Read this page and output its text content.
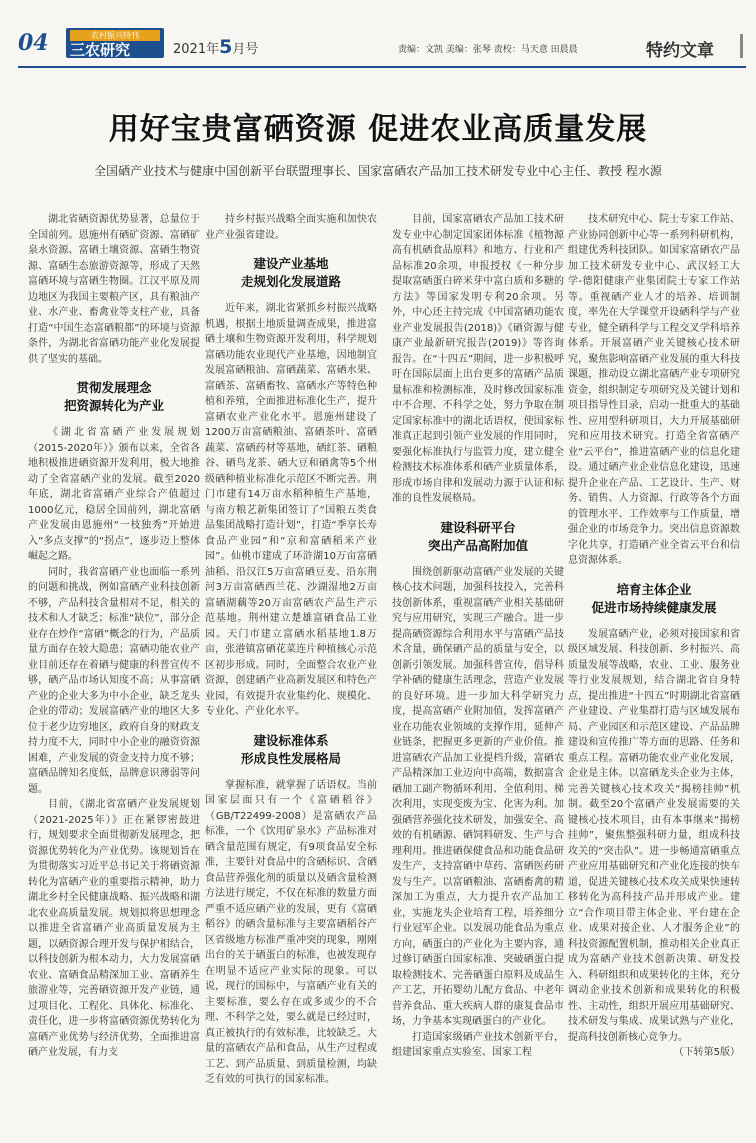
04	农村振兴特刊
三农研究	2021年5月号	责编：文凯 美编：张琴 责校：马天意 田晨晨	特约文章
用好宝贵富硒资源 促进农业高质量发展
全国硒产业技术与健康中国创新平台联盟理事长、国家富硒农产品加工技术研发专业中心主任、教授 程水源

湖北省硒资源优势显著，总量位于全国前列。恩施州有硒矿资源、富硒矿泉水资源、富硒土壤资源、富硒生物资源、富硒生态旅游资源等，形成了天然富硒环境与富硒生物圈。江汉平原及周边地区为我国主要粮产区，具有粮油产业、水产业、畜禽业等支柱产业，具备打造“中国生态富硒粮都”的环境与资源条件，为湖北省富硒功能产业化发展提供了坚实的基础。

贯彻发展理念
把资源转化为产业

《湖北省富硒产业发展规划（2015-2020年）》颁布以来，全省各地积极推进硒资源开发利用，极大地推动了全省富硒产业的发展。截至2020年底，湖北省富硒产业综合产值超过1000亿元，稳居全国前列，湖北富硒产业发展由恩施州“一枝独秀”开始进入“多点支撑”的“拐点”，逐步迈上整体崛起之路。

同时，我省富硒产业也面临一系列的问题和挑战，例如富硒产业科技创新不够，产品科技含量相对不足，相关的技术和人才缺乏；标准“缺位”，部分企业存在炒作“富硒”概念的行为，产品质量方面存在较大隐患；富硒功能农业产业目前还存在着硒与健康的科普宣传不够，硒产品市场认知度不高；从事富硒产业的企业大多为中小企业，缺乏龙头企业的带动；发展富硒产业的地区大多位于老少边穷地区，政府自身的财政支持力度不大，同时中小企业的融资资源困难，产业发展的资金支持力度不够；富硒品牌知名度低，品牌意识薄弱等问题。

目前，《湖北省富硒产业发展规划（2021-2025年）》正在紧锣密鼓进行，规划要求全面贯彻新发展理念，把资源优势转化为产业优势。该规划旨在为贯彻落实习近平总书记关于将硒资源转化为富硒产业的重要指示精神，助力湖北乡村全民健康战略、振兴战略和湖北农业高质量发展。规划拟将思想理念以推进全省富硒产业高质量发展为主题，以硒资源合理开发与保护相结合，以科技创新为根本动力，大力发展富硒农业、富硒食品精深加工业、富硒养生旅游业等，完善硒资源开发产业链，通过项目化、工程化、具体化、标准化、责任化，进一步将富硒资源优势转化为富硒产业优势与经济优势，全面推进富硒产业发展，有力支

持乡村振兴战略全面实施和加快农业产业强省建设。

建设产业基地
走规划化发展道路

近年来，湖北省紧抓乡村振兴战略机遇，根据土地质量调查成果，推进富硒土壤和生物资源开发利用，科学规划富硒功能农业现代产业基地，因地制宜发展富硒粮油、富硒蔬菜、富硒水果、富硒茶、富硒畜牧、富硒水产等特色种植和养殖，全面推进标准化生产，提升富硒农业产业化水平。恩施州建设了1200万亩富硒粮油、富硒茶叶、富硒蔬菜、富硒药材等基地，硒红茶、硒粮谷、硒鸟龙茶、硒大豆和硒禽等5个州级硒种植业标准化示范区不断完善。荆门市建有14万亩水稻种植生产基地，与南方粮艺新集团签订了“国粮五类食品集团战略打造计划”，打造“季享长寿食品产业园”和“京和富硒稻米产业园”。仙桃市建成了环浒湖10万亩富硒油稻、沿汉江5万亩富硒豆麦、沿东荆河3万亩富硒西兰花、沙湖湿地2万亩富硒湖藕等20万亩富硒农产品生产示范基地。荆州建立楚雄富硒食品工业园。天门市建立富硒水稻基地1.8万亩，张港镇富硒花菜连片种植核心示范区初步形成。同时，全面整合农业产业资源，创建硒产业高新发展区和特色产业园，有效提升农业集约化、规模化、专业化、产业化水平。

建设标准体系
形成良性发展格局

掌握标准，就掌握了话语权。当前国家层面只有一个《富硒稻谷》（GB/T22499-2008）是富硒农产品标准，一个《饮用矿泉水》产品标准对硒含量范围有规定，有9项食品安全标准，主要针对食品中的含硒标识、含硒食品营养强化剂的质量以及硒含量检测方法进行规定，不仅在标准的数量方面严重不适应硒产业的发展，更有《富硒稻谷》的硒含量标准与主要富硒稻谷产区省级地方标准严重冲突的现象，刚刚出台的关于硒蛋白的标准，也被发现存在明显不适应产业实际的现象。可以说，现行的国标中，与富硒产业有关的主要标准，要么存在或多或少的不合理、不科学之处，要么就是已经过时，真正被执行的有效标准，比较缺乏。大量的富硒农产品和食品，从生产过程或工艺、到产品质量、到质量检测，均缺乏有效的可执行的国家标准。

目前，国家富硒农产品加工技术研发专业中心制定国家团体标准《植物源高有机硒食品原料》和地方、行业和产品标准20余项，申报授权《一种分步提取富硒蛋白碎米芽中富白质和多糖的方法》等国家发明专利20余项。另外，中心还主持完成《中国富硒功能农业产业发展报告(2018)》《硒资源与健康产业最新研究报告(2019)》等咨询报告。在“十四五”期间，进一步积极呼吁在国际层面上出台更多的富硒产品质量标准和检测标准，及时修改国家标准中不合理、不科学之处，努力争取在制定国家标准中的湖北话语权，使国家标准真正起到引领产业发展的作用同时，要强化标准执行与监管力度，建立健全检测技术标准体系和硒产业质量体系，形成市场自律和发展动力源于认证和标准的良性发展格局。

建设科研平台
突出产品高附加值

围绕创新驱动富硒产业发展的关键核心技术问题，加强科技投入，完善科技创新体系，重视富硒产业相关基础研究与应用研究，实现三产融合。进一步提高硒资源综合利用水平与富硒产品技术含量，确保硒产品的质量与安全，以创新引领发展。加强科普宣传，倡导科学补硒的健康生活理念，营造产业发展的良好环境。进一步加大科学研究力度，提高富硒产业附加值，发挥富硒产业在功能农业领域的支撑作用，延伸产业链条，把握更多更新的产业价值。推进富硒农产品加工业提档升级，富硒农产品精深加工业迈向中高端，数据富含硒加工副产物循环利用、全值利用、梯次利用，实现变废为宝、化害为利。加强硒营养强化技术研发，加强安全、高效的有机硒源、硒饲料研发、生产与合理利用。推进硒保健食品和功能食品研发生产，支持富硒中草药、富硒医药研发与生产。以富硒粮油、富硒畜禽的精深加工为重点，大力提升农产品加工业，实施龙头企业培育工程，培养细分行业冠军企业。以发展功能食品为重点方向，硒蛋白的产业化为主要内容，通过修订硒蛋白国家标准、突破硒蛋白提取检测技术、完善硒蛋白原料及成品生产工艺，开拓婴幼儿配方食品、中老年营养食品、重大疾病人群的康复食品市场，力争基本实现硒蛋白的产业化。

打造国家级硒产业技术创新平台，组建国家重点实验室、国家工程

技术研究中心、院士专家工作站、产业协同创新中心等一系列科研机构，组建优秀科技团队。如国家富硒农产品加工技术研发专业中心、武汉轻工大学-德阳健康产业集团院士专家工作站等。重视硒产业人才的培养、培训制度，率先在大学课堂开设硒科学与产业专业，健全硒科学与工程交叉学科培养体系。开展富硒产业关键核心技术研究，聚焦影响富硒产业发展的重大科技课题，推动设立湖北富硒产业专项研究资金，组织制定专项研究及关键计划和项目指导性目录，启动一批重大的基础性、应用型科研项目，大力开展基础研究和应用技术研究。打造全省富硒产业“云平台”，推进富硒产业的信息化建设。通过硒产业企业信息化建设，迅速提升企业在产品、工艺设计、生产、财务、销售、人力资源、行政等各个方面的管理水平、工作效率与工作质量，增强企业的市场竞争力。突出信息资源数字化共享，打造硒产业全省云平台和信息资源体系。

培育主体企业
促进市场持续健康发展

发展富硒产业，必须对接国家和省级区域发展、科技创新、乡村振兴、高质量发展等战略，农业、工业、服务业等行业发展规划，结合湖北省自身特点，提出推进“十四五”时期湖北省富硒产业建设、产业集群打造与区域发展布局、产业园区和示范区建设、产品品牌建设和宣传推广等方面的思路、任务和重点工程。富硒功能农业产业化发展，企业是主体。以富硒龙头企业为主体，完善关键核心技术攻关“揭榜挂帅”机制。截至20个富硒产业发展需要的关键核心技术项目，由有本事继来“揭榜挂帅”，聚焦整强科研力量，组成科技攻关的“突击队”。进一步畅通富硒重点产业应用基础研究和产业化连接的快车道，促进关键核心技术攻关成果快速转移转化为高科技产品并形成产业。建立“合作项目带主体企业、平台建在企业、成果对接企业、人才服务企业”的科技资源配置机制，推动相关企业真正成为富硒产业技术创新决策、研发投入、科研组织和成果转化的主体，充分调动企业技术创新和成果转化的积极性、主动性，组织开展应用基础研究、技术研发与集成、成果试熟与产业化，提高科技创新核心竞争力。

（下转第5版）
